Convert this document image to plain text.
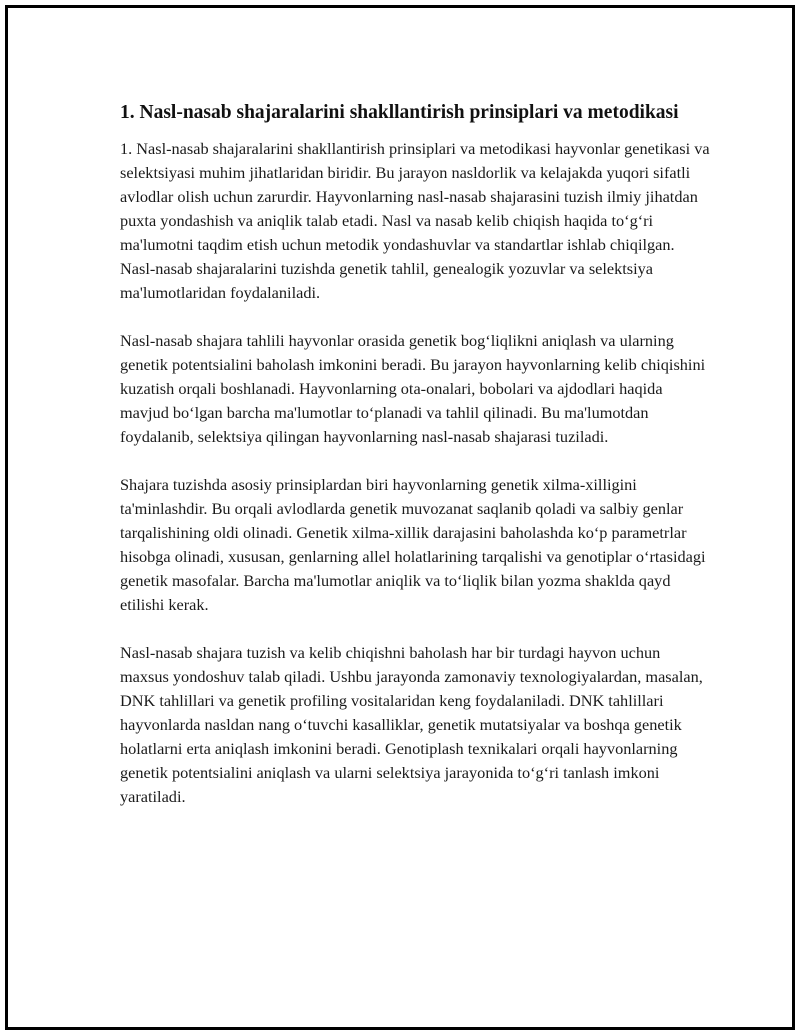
1. Nasl-nasab shajaralarini shakllantirish prinsiplari va metodikasi

1. Nasl-nasab shajaralarini shakllantirish prinsiplari va metodikasi hayvonlar genetikasi va selektsiyasi muhim jihatlaridan biridir. Bu jarayon nasldorlik va kelajakda yuqori sifatli avlodlar olish uchun zarurdir. Hayvonlarning nasl-nasab shajarasini tuzish ilmiy jihatdan puxta yondashish va aniqlik talab etadi. Nasl va nasab kelib chiqish haqida to‘g‘ri ma'lumotni taqdim etish uchun metodik yondashuvlar va standartlar ishlab chiqilgan. Nasl-nasab shajaralarini tuzishda genetik tahlil, genealogik yozuvlar va selektsiya ma'lumotlaridan foydalaniladi.

Nasl-nasab shajara tahlili hayvonlar orasida genetik bog‘liqlikni aniqlash va ularning genetik potentsialini baholash imkonini beradi. Bu jarayon hayvonlarning kelib chiqishini kuzatish orqali boshlanadi. Hayvonlarning ota-onalari, bobolari va ajdodlari haqida mavjud bo‘lgan barcha ma'lumotlar to‘planadi va tahlil qilinadi. Bu ma'lumotdan foydalanib, selektsiya qilingan hayvonlarning nasl-nasab shajarasi tuziladi.

Shajara tuzishda asosiy prinsiplardan biri hayvonlarning genetik xilma-xilligini ta'minlashdir. Bu orqali avlodlarda genetik muvozanat saqlanib qoladi va salbiy genlar tarqalishining oldi olinadi. Genetik xilma-xillik darajasini baholashda ko‘p parametrlar hisobga olinadi, xususan, genlarning allel holatlarining tarqalishi va genotiplar o‘rtasidagi genetik masofalar. Barcha ma'lumotlar aniqlik va to‘liqlik bilan yozma shaklda qayd etilishi kerak.

Nasl-nasab shajara tuzish va kelib chiqishni baholash har bir turdagi hayvon uchun maxsus yondoshuv talab qiladi. Ushbu jarayonda zamonaviy texnologiyalardan, masalan, DNK tahlillari va genetik profiling vositalaridan keng foydalaniladi. DNK tahlillari hayvonlarda nasldan nang o‘tuvchi kasalliklar, genetik mutatsiyalar va boshqa genetik holatlarni erta aniqlash imkonini beradi. Genotiplash texnikalari orqali hayvonlarning genetik potentsialini aniqlash va ularni selektsiya jarayonida to‘g‘ri tanlash imkoni yaratiladi.
